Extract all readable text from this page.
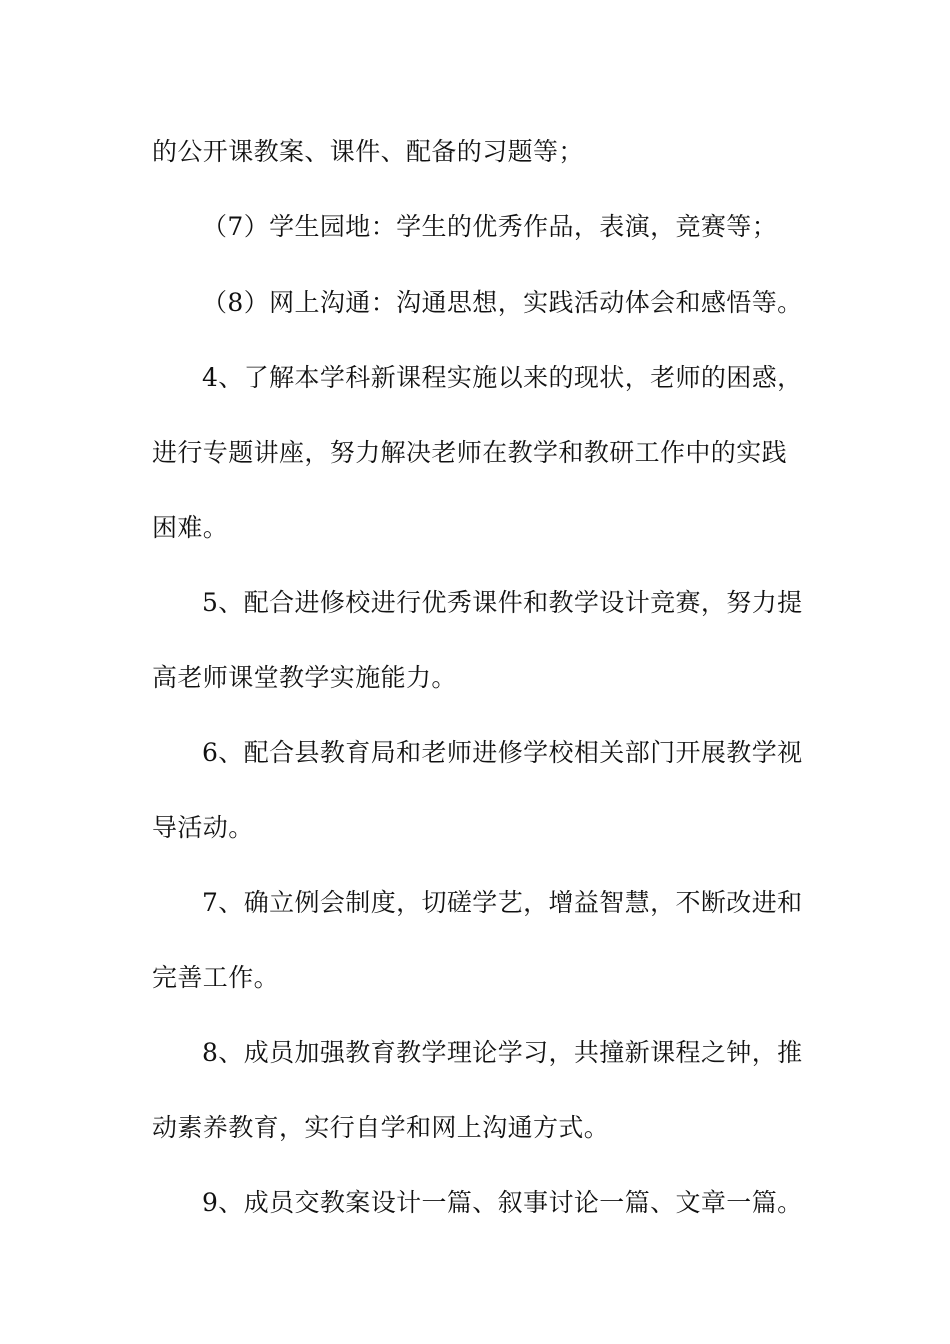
的公开课教案、课件、配备的习题等；
（7）学生园地：学生的优秀作品，表演，竞赛等；
（8）网上沟通：沟通思想，实践活动体会和感悟等。
4、了解本学科新课程实施以来的现状，老师的困惑，
进行专题讲座，努力解决老师在教学和教研工作中的实践
困难。
5、配合进修校进行优秀课件和教学设计竞赛，努力提
高老师课堂教学实施能力。
6、配合县教育局和老师进修学校相关部门开展教学视
导活动。
7、确立例会制度，切磋学艺，增益智慧，不断改进和
完善工作。
8、成员加强教育教学理论学习，共撞新课程之钟，推
动素养教育，实行自学和网上沟通方式。
9、成员交教案设计一篇、叙事讨论一篇、文章一篇。
